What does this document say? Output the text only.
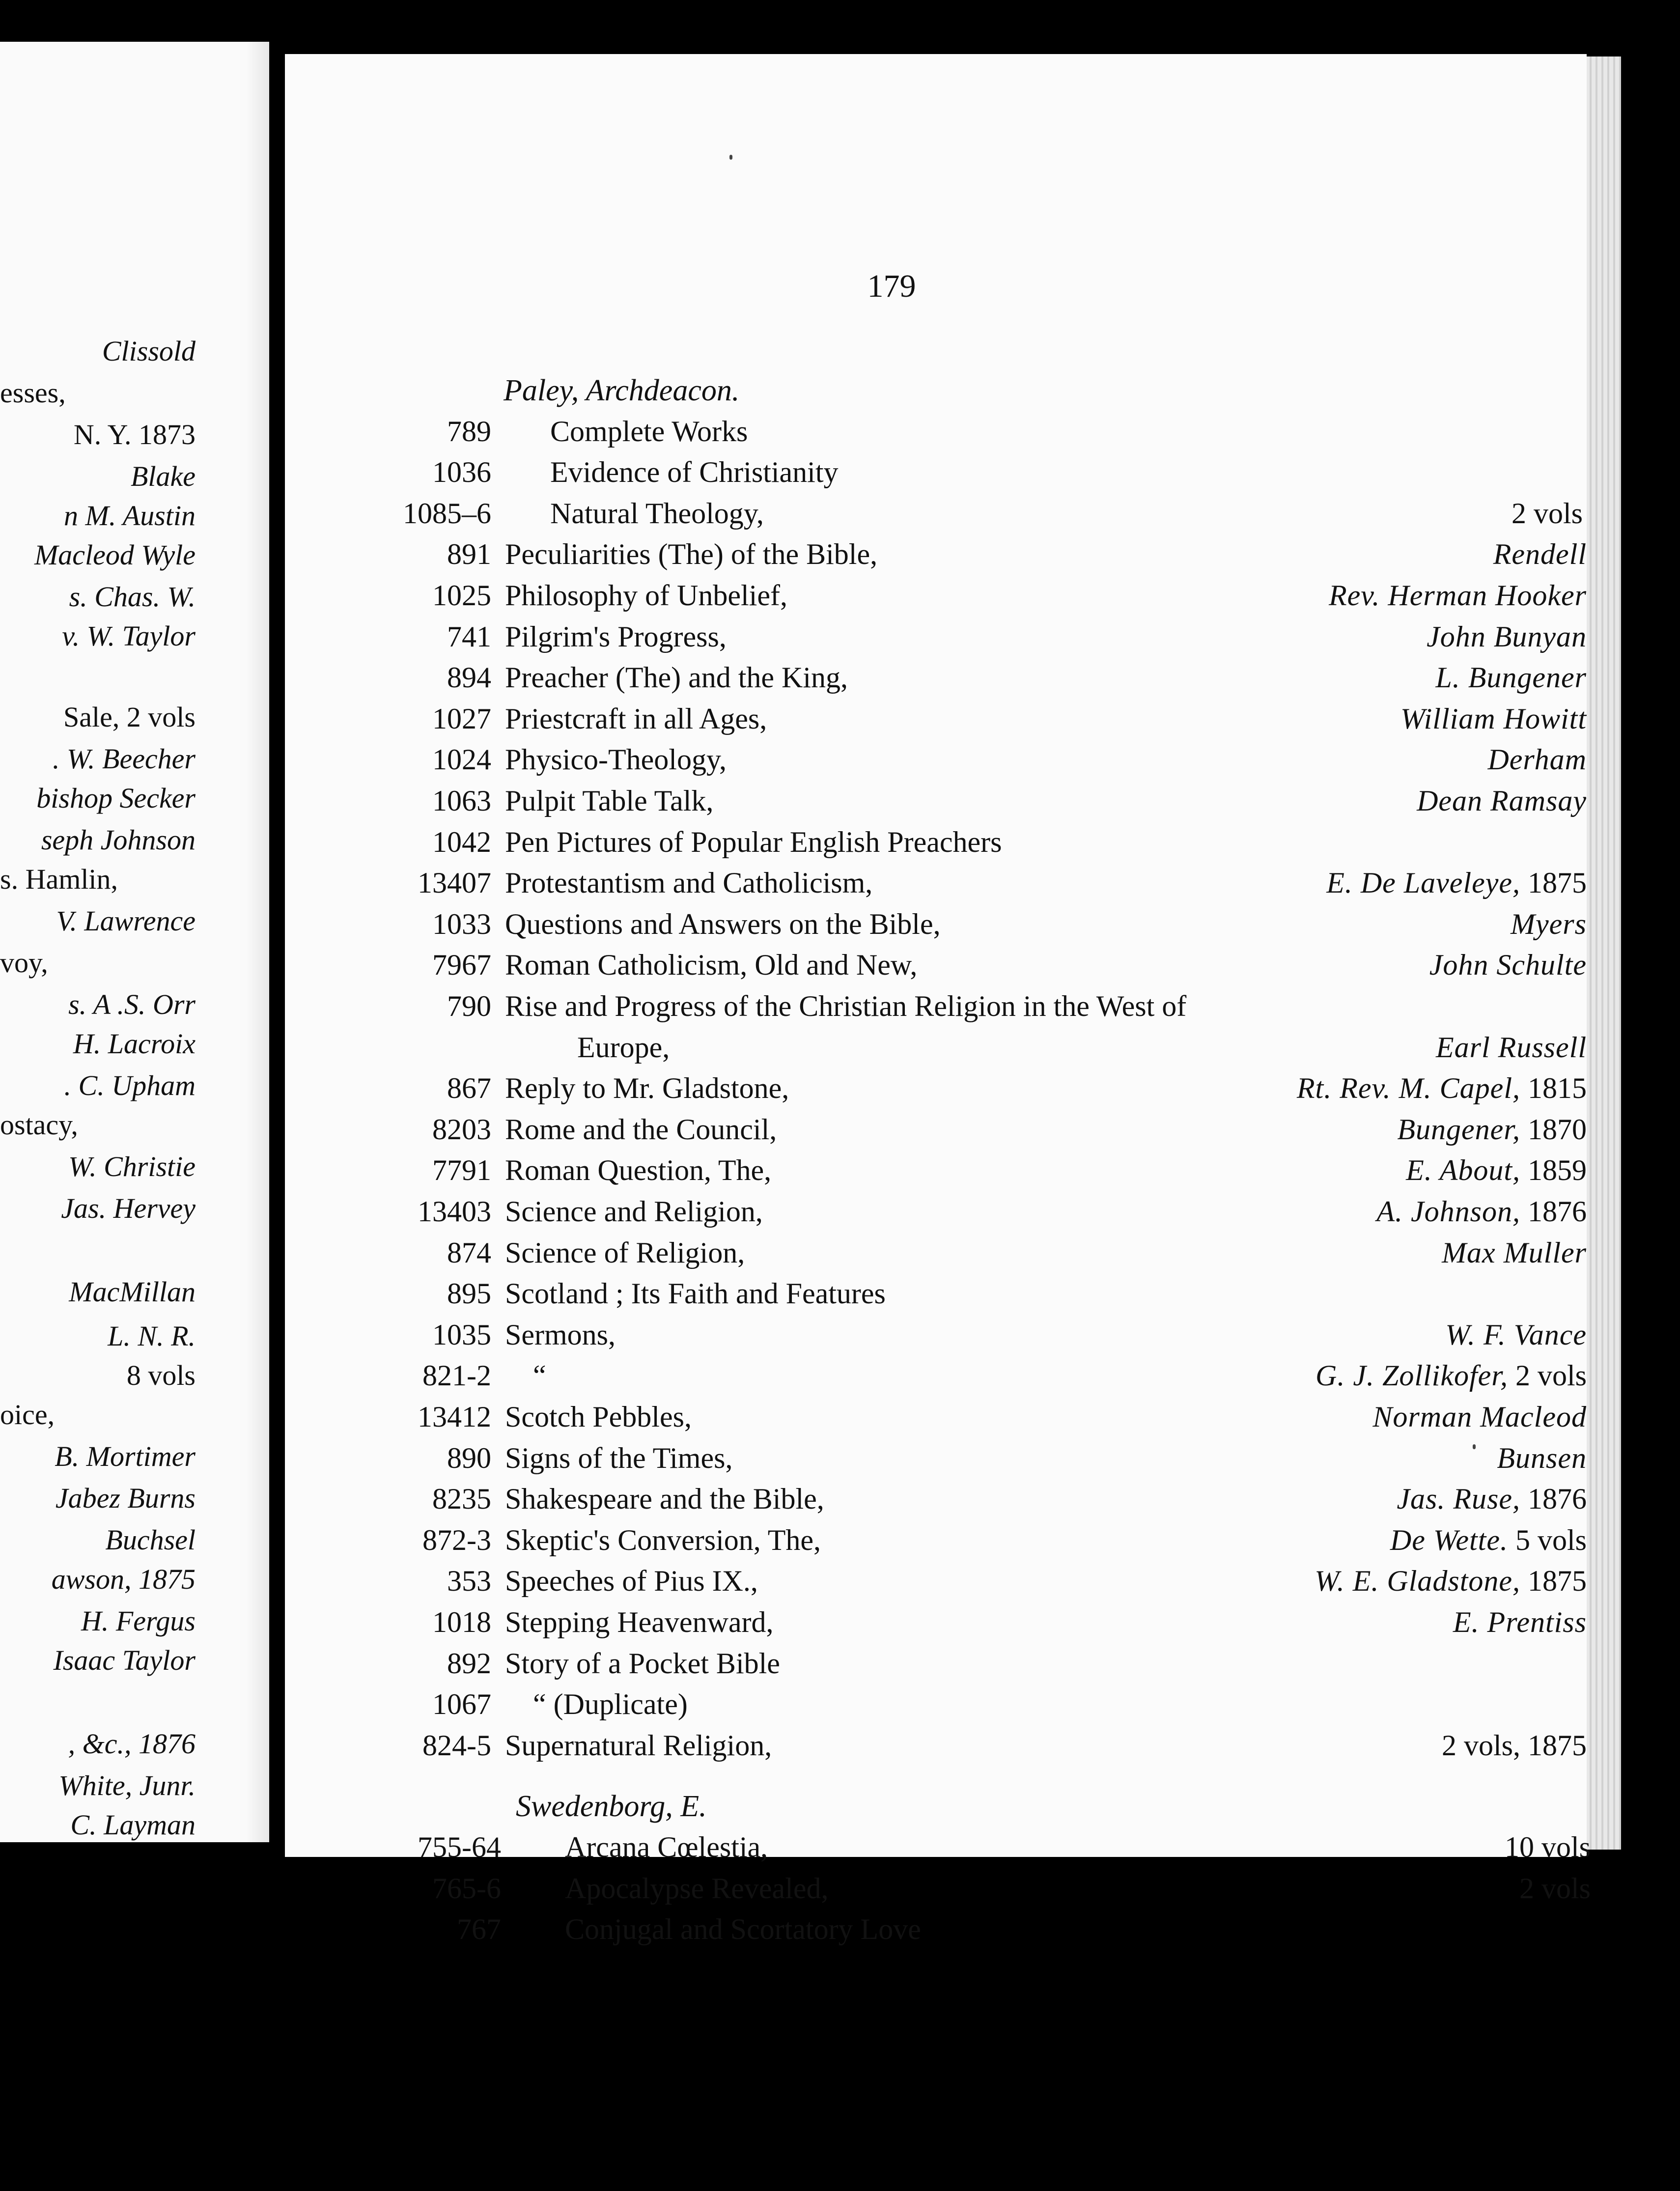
Clissold
esses,
N. Y. 1873
Blake
n M. Austin
Macleod Wyle
s. Chas. W.
v. W. Taylor
Sale, 2 vols
. W. Beecher
bishop Secker
seph Johnson
s. Hamlin,
V. Lawrence
voy,
s. A .S. Orr
H. Lacroix
. C. Upham
ostacy,
W. Christie
Jas. Hervey
MacMillan
L. N. R.
8 vols
oice,
B. Mortimer
Jabez Burns
Buchsel
awson, 1875
H. Fergus
Isaac Taylor
, &c., 1876
White, Junr.
C. Layman
179
Paley, Archdeacon.
789 Complete Works
1036 Evidence of Christianity
1085–6 Natural Theology,	2 vols
891 Peculiarities (The) of the Bible,	Rendell
1025 Philosophy of Unbelief,	Rev. Herman Hooker
741 Pilgrim's Progress,	John Bunyan
894 Preacher (The) and the King,	L. Bungener
1027 Priestcraft in all Ages,	William Howitt
1024 Physico-Theology,	Derham
1063 Pulpit Table Talk,	Dean Ramsay
1042 Pen Pictures of Popular English Preachers
13407 Protestantism and Catholicism,	E. De Laveleye, 1875
1033 Questions and Answers on the Bible,	Myers
7967 Roman Catholicism, Old and New,	John Schulte
790 Rise and Progress of the Christian Religion in the West of
Europe,	Earl Russell
867 Reply to Mr. Gladstone,	Rt. Rev. M. Capel, 1815
8203 Rome and the Council,	Bungener, 1870
7791 Roman Question, The,	E. About, 1859
13403 Science and Religion,	A. Johnson, 1876
874 Science of Religion,	Max Muller
895 Scotland ; Its Faith and Features
1035 Sermons,	W. F. Vance
821-2 “	G. J. Zollikofer, 2 vols
13412 Scotch Pebbles,	Norman Macleod
890 Signs of the Times,	Bunsen
8235 Shakespeare and the Bible,	Jas. Ruse, 1876
872-3 Skeptic's Conversion, The,	De Wette. 5 vols
353 Speeches of Pius IX.,	W. E. Gladstone, 1875
1018 Stepping Heavenward,	E. Prentiss
892 Story of a Pocket Bible
1067 “ (Duplicate)
824-5 Supernatural Religion,	2 vols, 1875
Swedenborg, E.
755-64 Arcana Cœlestia,	10 vols
765-6 Apocalypse Revealed,	2 vols
767 Conjugal and Scortatory Love
